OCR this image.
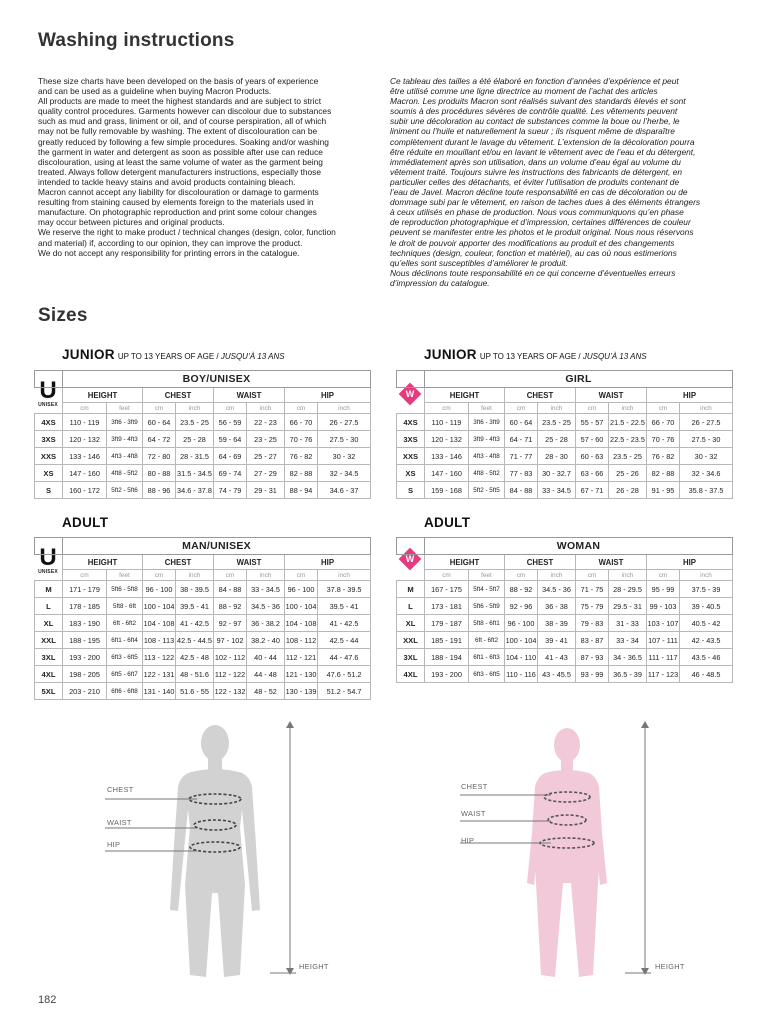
Washing instructions
These size charts have been developed on the basis of years of experience
and can be used as a guideline when buying Macron Products.
All products are made to meet the highest standards and are subject to strict
quality control procedures. Garments however can discolour due to substances
such as mud and grass, liniment or oil, and of course perspiration, all of which
may not be fully removable by washing. The extent of discolouration can be
greatly reduced by following a few simple procedures. Soaking and/or washing
the garment in water and detergent as soon as possible after use can reduce
discolouration, using at least the same volume of water as the garment being
treated. Always follow detergent manufacturers instructions, especially those
intended to tackle heavy stains and avoid products containing bleach.
Macron cannot accept any liability for discolouration or damage to garments
resulting from staining caused by elements foreign to the materials used in
manufacture. On photographic reproduction and print some colour changes
may occur between pictures and original products.
We reserve the right to make product / technical changes (design, color, function
and material) if, according to our opinion, they can improve the product.
We do not accept any responsibility for printing errors in the catalogue.
Ce tableau des tailles a été élaboré en fonction d’années d’expérience et peut
être utilisé comme une ligne directrice au moment de l’achat des articles
Macron. Les produits Macron sont réalisés suivant des standards élevés et sont
soumis à des procédures sévères de contrôle qualité. Les vêtements peuvent
subir une décoloration au contact de substances comme la boue ou l’herbe, le
liniment ou l’huile et naturellement la sueur ; ils risquent même de disparaître
complètement durant le lavage du vêtement. L’extension de la décoloration pourra
être réduite en mouillant et/ou en lavant le vêtement avec de l’eau et du détergent,
immédiatement après son utilisation, dans un volume d’eau égal au volume du
vêtement traité. Toujours suivre les instructions des fabricants de détergent, en
particulier celles des détachants, et éviter l’utilisation de produits contenant de
l’eau de Javel. Macron décline toute responsabilité en cas de décoloration ou de
dommage subi par le vêtement, en raison de taches dues à des éléments étrangers
à ceux utilisés en phase de production. Nous vous communiquons qu’en phase
de reproduction photographique et d’impression, certaines différences de couleur
peuvent se manifester entre les photos et le produit original. Nous nous réservons
le droit de pouvoir apporter des modifications au produit et des changements
techniques (design, couleur, fonction et matériel), au cas où nous estimerions
qu’elles sont susceptibles d’améliorer le produit.
Nous déclinons toute responsabilité en ce qui concerne d’éventuelles erreurs
d’impression du catalogue.
Sizes
JUNIOR UP TO 13 YEARS OF AGE / JUSQU’À 13 ANS	JUNIOR UP TO 13 YEARS OF AGE / JUSQU’À 13 ANS
ADULT	ADULT
U
UNISEX
U
UNISEX
W
W
	BOY/UNISEX							
	HEIGHT		CHEST		WAIST		HIP	
	cm	feet	cm	inch	cm	inch	cm	inch
4XS	110 - 119	3ft6 - 3ft9	60 - 64	23.5 - 25	56 - 59	22 - 23	66 - 70	26 - 27.5
3XS	120 - 132	3ft9 - 4ft3	64 - 72	25 - 28	59 - 64	23 - 25	70 - 76	27.5 - 30
XXS	133 - 146	4ft3 - 4ft8	72 - 80	28 - 31.5	64 - 69	25 - 27	76 - 82	30 - 32
XS	147 - 160	4ft8 - 5ft2	80 - 88	31.5 - 34.5	69 - 74	27 - 29	82 - 88	32 - 34.5
S	160 - 172	5ft2 - 5ft6	88 - 96	34.6 - 37.8	74 - 79	29 - 31	88 - 94	34.6 - 37
	GIRL							
	HEIGHT		CHEST		WAIST		HIP	
	cm	feet	cm	inch	cm	inch	cm	inch
4XS	110 - 119	3ft6 - 3ft9	60 - 64	23.5 - 25	55 - 57	21.5 - 22.5	66 - 70	26 - 27.5
3XS	120 - 132	3ft9 - 4ft3	64 - 71	25 - 28	57 - 60	22.5 - 23.5	70 - 76	27.5 - 30
XXS	133 - 146	4ft3 - 4ft8	71 - 77	28 - 30	60 - 63	23.5 - 25	76 - 82	30 - 32
XS	147 - 160	4ft8 - 5ft2	77 - 83	30 - 32.7	63 - 66	25 - 26	82 - 88	32 - 34.6
S	159 - 168	5ft2 - 5ft5	84 - 88	33 - 34.5	67 - 71	26 - 28	91 - 95	35.8 - 37.5
	MAN/UNISEX							
	HEIGHT		CHEST		WAIST		HIP	
	cm	feet	cm	inch	cm	inch	cm	inch
M	171 - 179	5ft6 - 5ft8	96 - 100	38 - 39.5	84 - 88	33 - 34.5	96 - 100	37.8 - 39.5
L	178 - 185	5ft8 - 6ft	100 - 104	39.5 - 41	88 - 92	34.5 - 36	100 - 104	39.5 - 41
XL	183 - 190	6ft - 6ft2	104 - 108	41 - 42.5	92 - 97	36 - 38.2	104 - 108	41 - 42.5
XXL	188 - 195	6ft1 - 6ft4	108 - 113	42.5 - 44.5	97 - 102	38.2 - 40	108 - 112	42.5 - 44
3XL	193 - 200	6ft3 - 6ft5	113 - 122	42.5 - 48	102 - 112	40 - 44	112 - 121	44 - 47.6
4XL	198 - 205	6ft5 - 6ft7	122 - 131	48 - 51.6	112 - 122	44 - 48	121 - 130	47.6 - 51.2
5XL	203 - 210	6ft6 - 6ft8	131 - 140	51.6 - 55	122 - 132	48 - 52	130 - 139	51.2 - 54.7
	WOMAN							
	HEIGHT		CHEST		WAIST		HIP	
	cm	feet	cm	inch	cm	inch	cm	inch
M	167 - 175	5ft4 - 5ft7	88 - 92	34.5 - 36	71 - 75	28 - 29.5	95 - 99	37.5 - 39
L	173 - 181	5ft6 - 5ft9	92 - 96	36 - 38	75 - 79	29.5 - 31	99 - 103	39 - 40.5
XL	179 - 187	5ft8 - 6ft1	96 - 100	38 - 39	79 - 83	31 - 33	103 - 107	40.5 - 42
XXL	185 - 191	6ft - 6ft2	100 - 104	39 - 41	83 - 87	33 - 34	107 - 111	42 - 43.5
3XL	188 - 194	6ft1 - 6ft3	104 - 110	41 - 43	87 - 93	34 - 36.5	111 - 117	43.5 - 46
4XL	193 - 200	6ft3 - 6ft5	110 - 116	43 - 45.5	93 - 99	36.5 - 39	117 - 123	46 - 48.5
CHEST
WAIST
HIP
HEIGHT
CHEST
WAIST
HIP
HEIGHT
182
